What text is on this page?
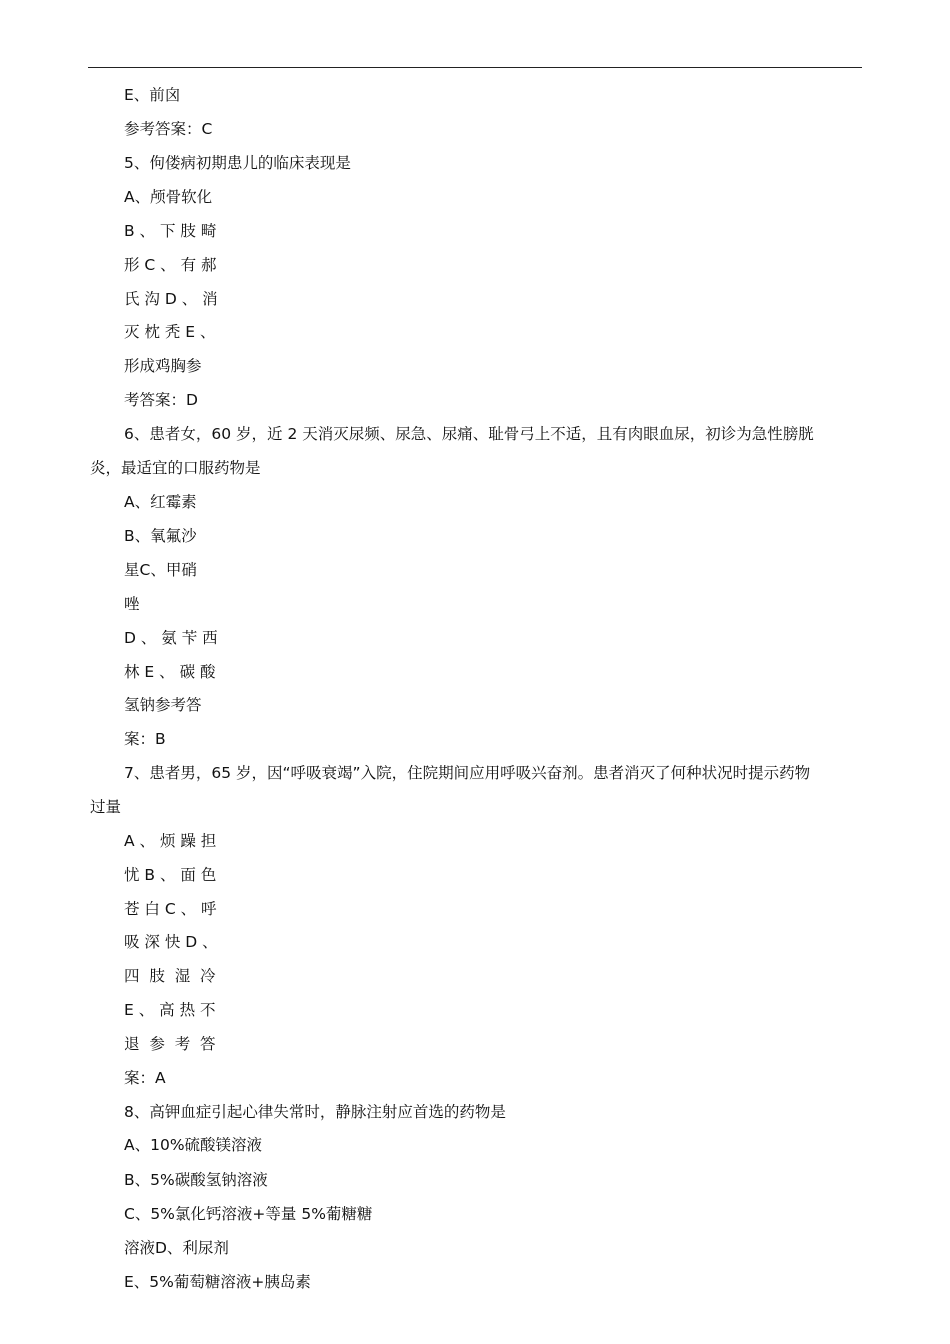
E、前囟
参考答案：C
5、佝偻病初期患儿的临床表现是
A、颅骨软化
B 、 下 肢 畸
形 C 、 有 郝
氏 沟 D 、 消
灭 枕 秃 E 、
形成鸡胸参
考答案：D
6、患者女，60 岁，近 2 天消灭尿频、尿急、尿痛、耻骨弓上不适，且有肉眼血尿，初诊为急性膀胱
炎，最适宜的口服药物是
A、红霉素
B、氧氟沙
星C、甲硝
唑
D 、 氨 苄 西
林 E 、 碳 酸
氢钠参考答
案：B
7、患者男，65 岁，因“呼吸衰竭”入院，住院期间应用呼吸兴奋剂。患者消灭了何种状况时提示药物
过量
A 、 烦 躁 担
忧 B 、 面 色
苍 白 C 、 呼
吸 深 快 D 、
四  肢  湿  冷
E 、 高 热 不
退  参  考  答
案：A
8、高钾血症引起心律失常时，静脉注射应首选的药物是
A、10%硫酸镁溶液
B、5%碳酸氢钠溶液
C、5%氯化钙溶液+等量 5%葡糖糖
溶液D、利尿剂
E、5%葡萄糖溶液+胰岛素
